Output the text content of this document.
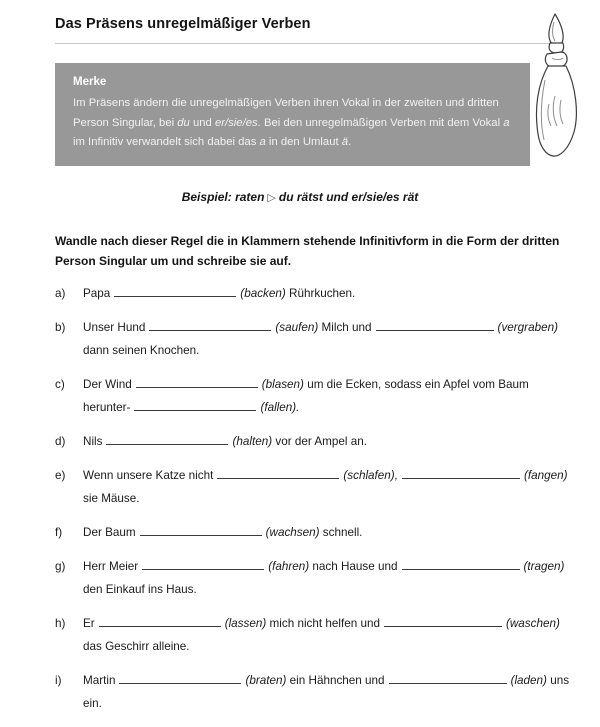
Das Präsens unregelmäßiger Verben
Merke
Im Präsens ändern die unregelmäßigen Verben ihren Vokal in der zweiten und dritten Person Singular, bei du und er/sie/es. Bei den unregelmäßigen Verben mit dem Vokal a im Infinitiv verwandelt sich dabei das a in den Umlaut ä.
Beispiel: raten ▷ du rätst und er/sie/es rät
Wandle nach dieser Regel die in Klammern stehende Infinitivform in die Form der dritten Person Singular um und schreibe sie auf.
a)	Papa	(backen) Rührkuchen.
b)	Unser Hund	(saufen) Milch und	(vergraben)
dann seinen Knochen.
c)	Der Wind	(blasen) um die Ecken, sodass ein Apfel vom Baum
herunter-	(fallen).
d)	Nils	(halten) vor der Ampel an.
e)	Wenn unsere Katze nicht	(schlafen),	(fangen)
sie Mäuse.
f)	Der Baum	(wachsen) schnell.
g)	Herr Meier	(fahren) nach Hause und	(tragen)
den Einkauf ins Haus.
h)	Er	(lassen) mich nicht helfen und	(waschen)
das Geschirr alleine.
i)	Martin	(braten) ein Hähnchen und	(laden) uns
ein.
